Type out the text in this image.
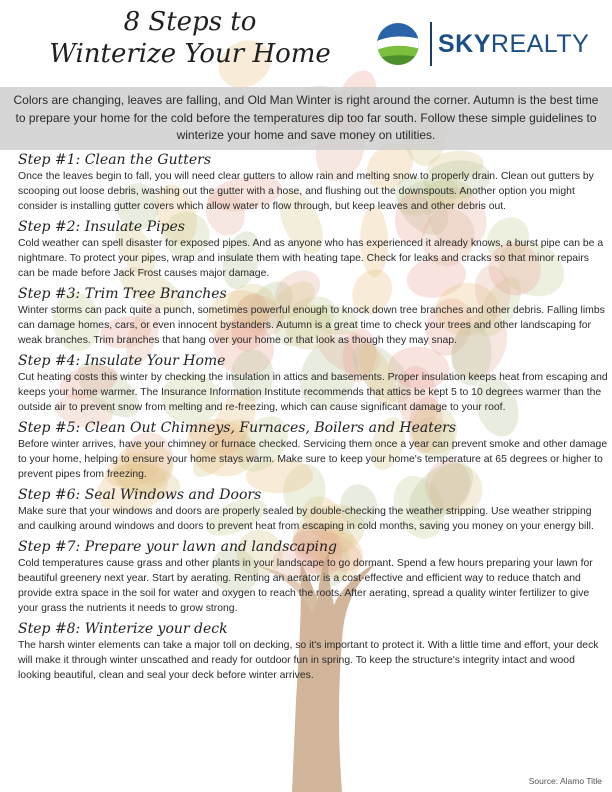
8 Steps to
Winterize Your Home	SKYREALTY
Colors are changing, leaves are falling, and Old Man Winter is right around the corner. Autumn is the best time to prepare your home for the cold before the temperatures dip too far south. Follow these simple guidelines to winterize your home and save money on utilities.
Step #1: Clean the Gutters

Once the leaves begin to fall, you will need clear gutters to allow rain and melting snow to properly drain. Clean out gutters by scooping out loose debris, washing out the gutter with a hose, and flushing out the downspouts. Another option you might consider is installing gutter covers which allow water to flow through, but keep leaves and other debris out.

Step #2: Insulate Pipes

Cold weather can spell disaster for exposed pipes. And as anyone who has experienced it already knows, a burst pipe can be a nightmare. To protect your pipes, wrap and insulate them with heating tape. Check for leaks and cracks so that minor repairs can be made before Jack Frost causes major damage.

Step #3: Trim Tree Branches

Winter storms can pack quite a punch, sometimes powerful enough to knock down tree branches and other debris. Falling limbs can damage homes, cars, or even innocent bystanders. Autumn is a great time to check your trees and other landscaping for weak branches. Trim branches that hang over your home or that look as though they may snap.

Step #4: Insulate Your Home

Cut heating costs this winter by checking the insulation in attics and basements. Proper insulation keeps heat from escaping and keeps your home warmer. The Insurance Information Institute recommends that attics be kept 5 to 10 degrees warmer than the outside air to prevent snow from melting and re-freezing, which can cause significant damage to your roof.

Step #5: Clean Out Chimneys, Furnaces, Boilers and Heaters

Before winter arrives, have your chimney or furnace checked. Servicing them once a year can prevent smoke and other damage to your home, helping to ensure your home stays warm. Make sure to keep your home's temperature at 65 degrees or higher to prevent pipes from freezing.

Step #6: Seal Windows and Doors

Make sure that your windows and doors are properly sealed by double-checking the weather stripping. Use weather stripping and caulking around windows and doors to prevent heat from escaping in cold months, saving you money on your energy bill.

Step #7: Prepare your lawn and landscaping

Cold temperatures cause grass and other plants in your landscape to go dormant. Spend a few hours preparing your lawn for beautiful greenery next year. Start by aerating. Renting an aerator is a cost-effective and efficient way to reduce thatch and provide extra space in the soil for water and oxygen to reach the roots. After aerating, spread a quality winter fertilizer to give your grass the nutrients it needs to grow strong.

Step #8: Winterize your deck

The harsh winter elements can take a major toll on decking, so it's important to protect it. With a little time and effort, your deck will make it through winter unscathed and ready for outdoor fun in spring. To keep the structure's integrity intact and wood looking beautiful, clean and seal your deck before winter arrives.

Source: Alamo Title
